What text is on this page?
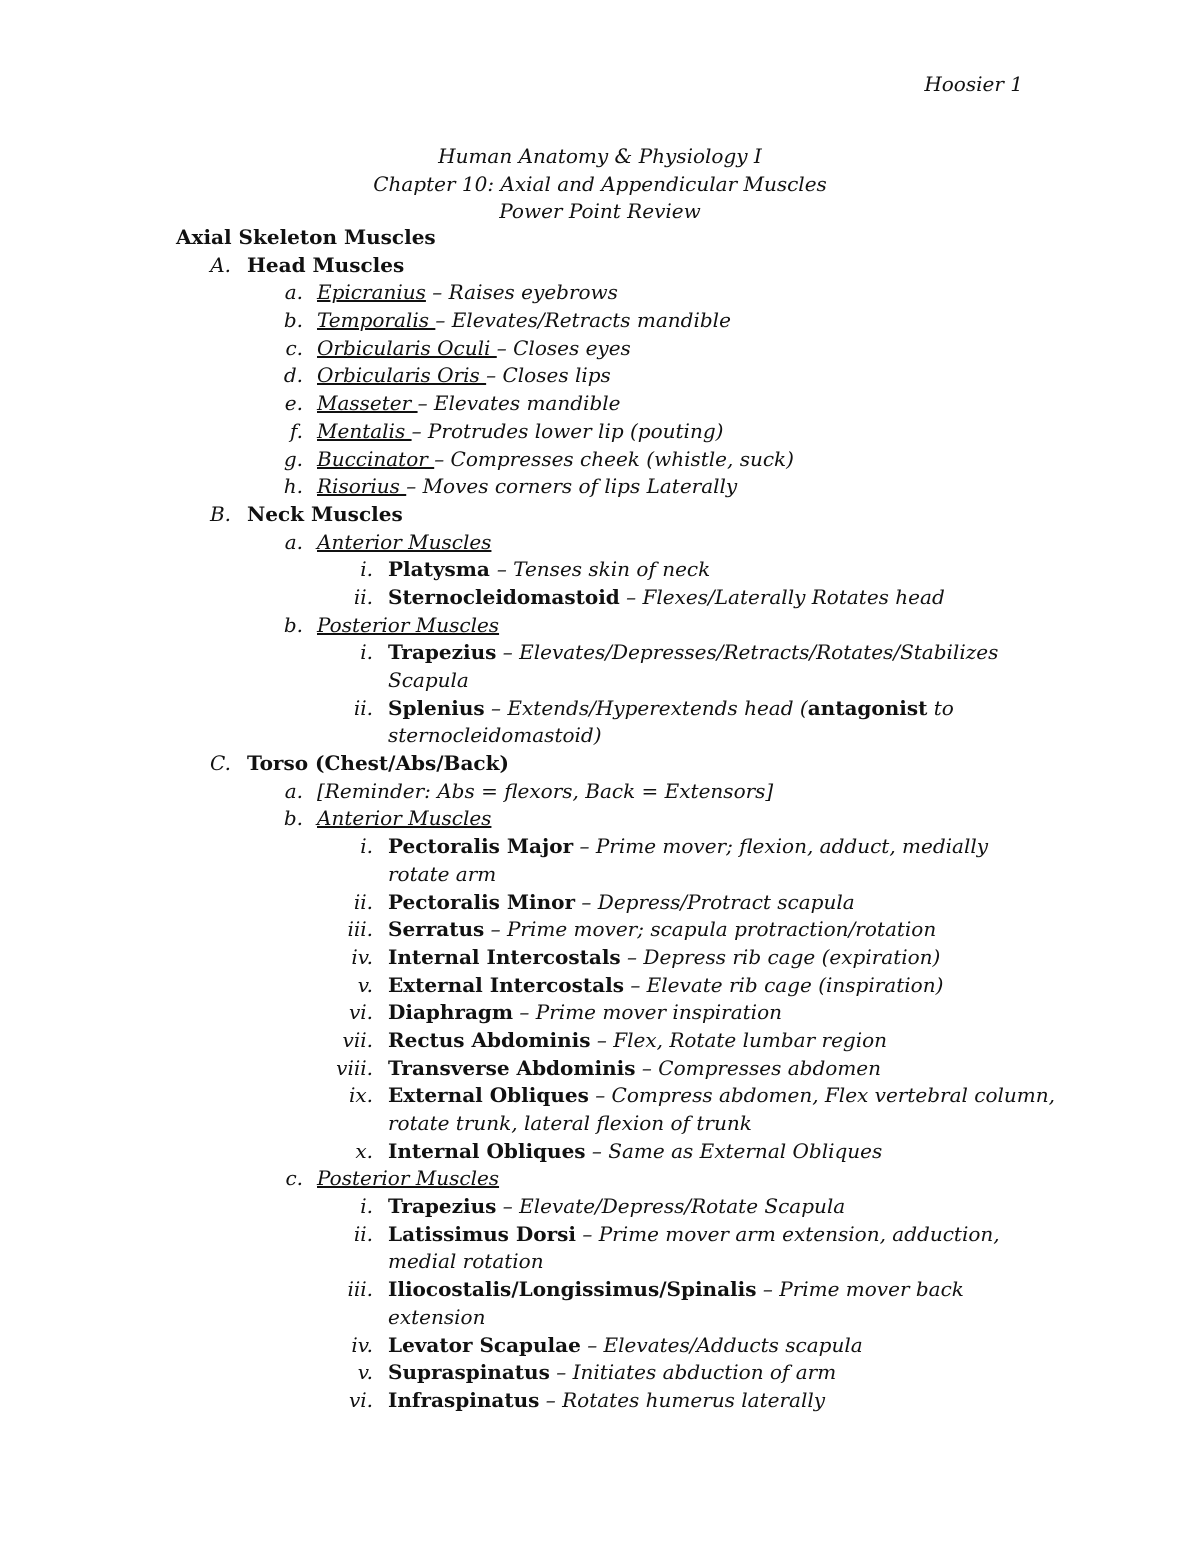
Hoosier 1
Human Anatomy & Physiology I
Chapter 10: Axial and Appendicular Muscles
Power Point Review
Axial Skeleton Muscles
A. Head Muscles
a. Epicranius – Raises eyebrows
b. Temporalis – Elevates/Retracts mandible
c. Orbicularis Oculi – Closes eyes
d. Orbicularis Oris – Closes lips
e. Masseter – Elevates mandible
f. Mentalis – Protrudes lower lip (pouting)
g. Buccinator – Compresses cheek (whistle, suck)
h. Risorius – Moves corners of lips Laterally
B. Neck Muscles
a. Anterior Muscles
i. Platysma – Tenses skin of neck
ii. Sternocleidomastoid – Flexes/Laterally Rotates head
b. Posterior Muscles
i. Trapezius – Elevates/Depresses/Retracts/Rotates/Stabilizes
Scapula
ii. Splenius – Extends/Hyperextends head (antagonist to
sternocleidomastoid)
C. Torso (Chest/Abs/Back)
a. [Reminder: Abs = flexors, Back = Extensors]
b. Anterior Muscles
i. Pectoralis Major – Prime mover; flexion, adduct, medially
rotate arm
ii. Pectoralis Minor – Depress/Protract scapula
iii. Serratus – Prime mover; scapula protraction/rotation
iv. Internal Intercostals – Depress rib cage (expiration)
v. External Intercostals – Elevate rib cage (inspiration)
vi. Diaphragm – Prime mover inspiration
vii. Rectus Abdominis – Flex, Rotate lumbar region
viii. Transverse Abdominis – Compresses abdomen
ix. External Obliques – Compress abdomen, Flex vertebral column,
rotate trunk, lateral flexion of trunk
x. Internal Obliques – Same as External Obliques
c. Posterior Muscles
i. Trapezius – Elevate/Depress/Rotate Scapula
ii. Latissimus Dorsi – Prime mover arm extension, adduction,
medial rotation
iii. Iliocostalis/Longissimus/Spinalis – Prime mover back
extension
iv. Levator Scapulae – Elevates/Adducts scapula
v. Supraspinatus – Initiates abduction of arm
vi. Infraspinatus – Rotates humerus laterally
